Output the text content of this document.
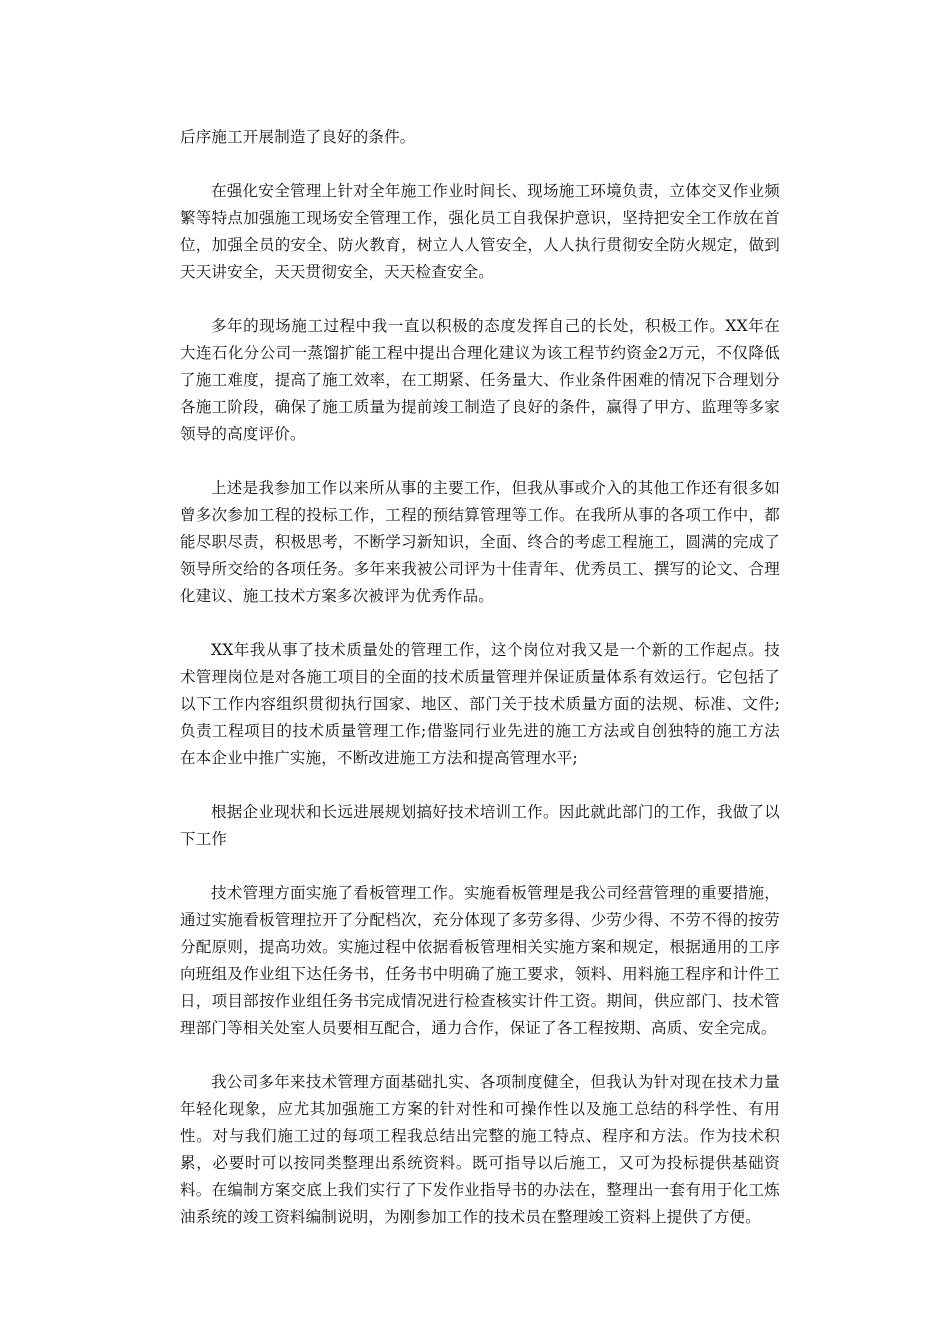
后序施工开展制造了良好的条件。

在强化安全管理上针对全年施工作业时间长、现场施工环境负责，立体交叉作业频繁等特点加强施工现场安全管理工作，强化员工自我保护意识，坚持把安全工作放在首位，加强全员的安全、防火教育，树立人人管安全，人人执行贯彻安全防火规定，做到天天讲安全，天天贯彻安全，天天检查安全。

多年的现场施工过程中我一直以积极的态度发挥自己的长处，积极工作。XX年在大连石化分公司一蒸馏扩能工程中提出合理化建议为该工程节约资金2万元，不仅降低了施工难度，提高了施工效率，在工期紧、任务量大、作业条件困难的情况下合理划分各施工阶段，确保了施工质量为提前竣工制造了良好的条件，赢得了甲方、监理等多家领导的高度评价。

上述是我参加工作以来所从事的主要工作，但我从事或介入的其他工作还有很多如曾多次参加工程的投标工作，工程的预结算管理等工作。在我所从事的各项工作中，都能尽职尽责，积极思考，不断学习新知识，全面、终合的考虑工程施工，圆满的完成了领导所交给的各项任务。多年来我被公司评为十佳青年、优秀员工、撰写的论文、合理化建议、施工技术方案多次被评为优秀作品。

XX年我从事了技术质量处的管理工作，这个岗位对我又是一个新的工作起点。技术管理岗位是对各施工项目的全面的技术质量管理并保证质量体系有效运行。它包括了以下工作内容组织贯彻执行国家、地区、部门关于技术质量方面的法规、标准、文件;负责工程项目的技术质量管理工作;借鉴同行业先进的施工方法或自创独特的施工方法在本企业中推广实施，不断改进施工方法和提高管理水平;

根据企业现状和长远进展规划搞好技术培训工作。因此就此部门的工作，我做了以下工作

技术管理方面实施了看板管理工作。实施看板管理是我公司经营管理的重要措施，通过实施看板管理拉开了分配档次，充分体现了多劳多得、少劳少得、不劳不得的按劳分配原则，提高功效。实施过程中依据看板管理相关实施方案和规定，根据通用的工序向班组及作业组下达任务书，任务书中明确了施工要求，领料、用料施工程序和计件工日，项目部按作业组任务书完成情况进行检查核实计件工资。期间，供应部门、技术管理部门等相关处室人员要相互配合，通力合作，保证了各工程按期、高质、安全完成。

我公司多年来技术管理方面基础扎实、各项制度健全，但我认为针对现在技术力量年轻化现象，应尤其加强施工方案的针对性和可操作性以及施工总结的科学性、有用性。对与我们施工过的每项工程我总结出完整的施工特点、程序和方法。作为技术积累，必要时可以按同类整理出系统资料。既可指导以后施工，又可为投标提供基础资料。在编制方案交底上我们实行了下发作业指导书的办法在，整理出一套有用于化工炼油系统的竣工资料编制说明，为刚参加工作的技术员在整理竣工资料上提供了方便。
